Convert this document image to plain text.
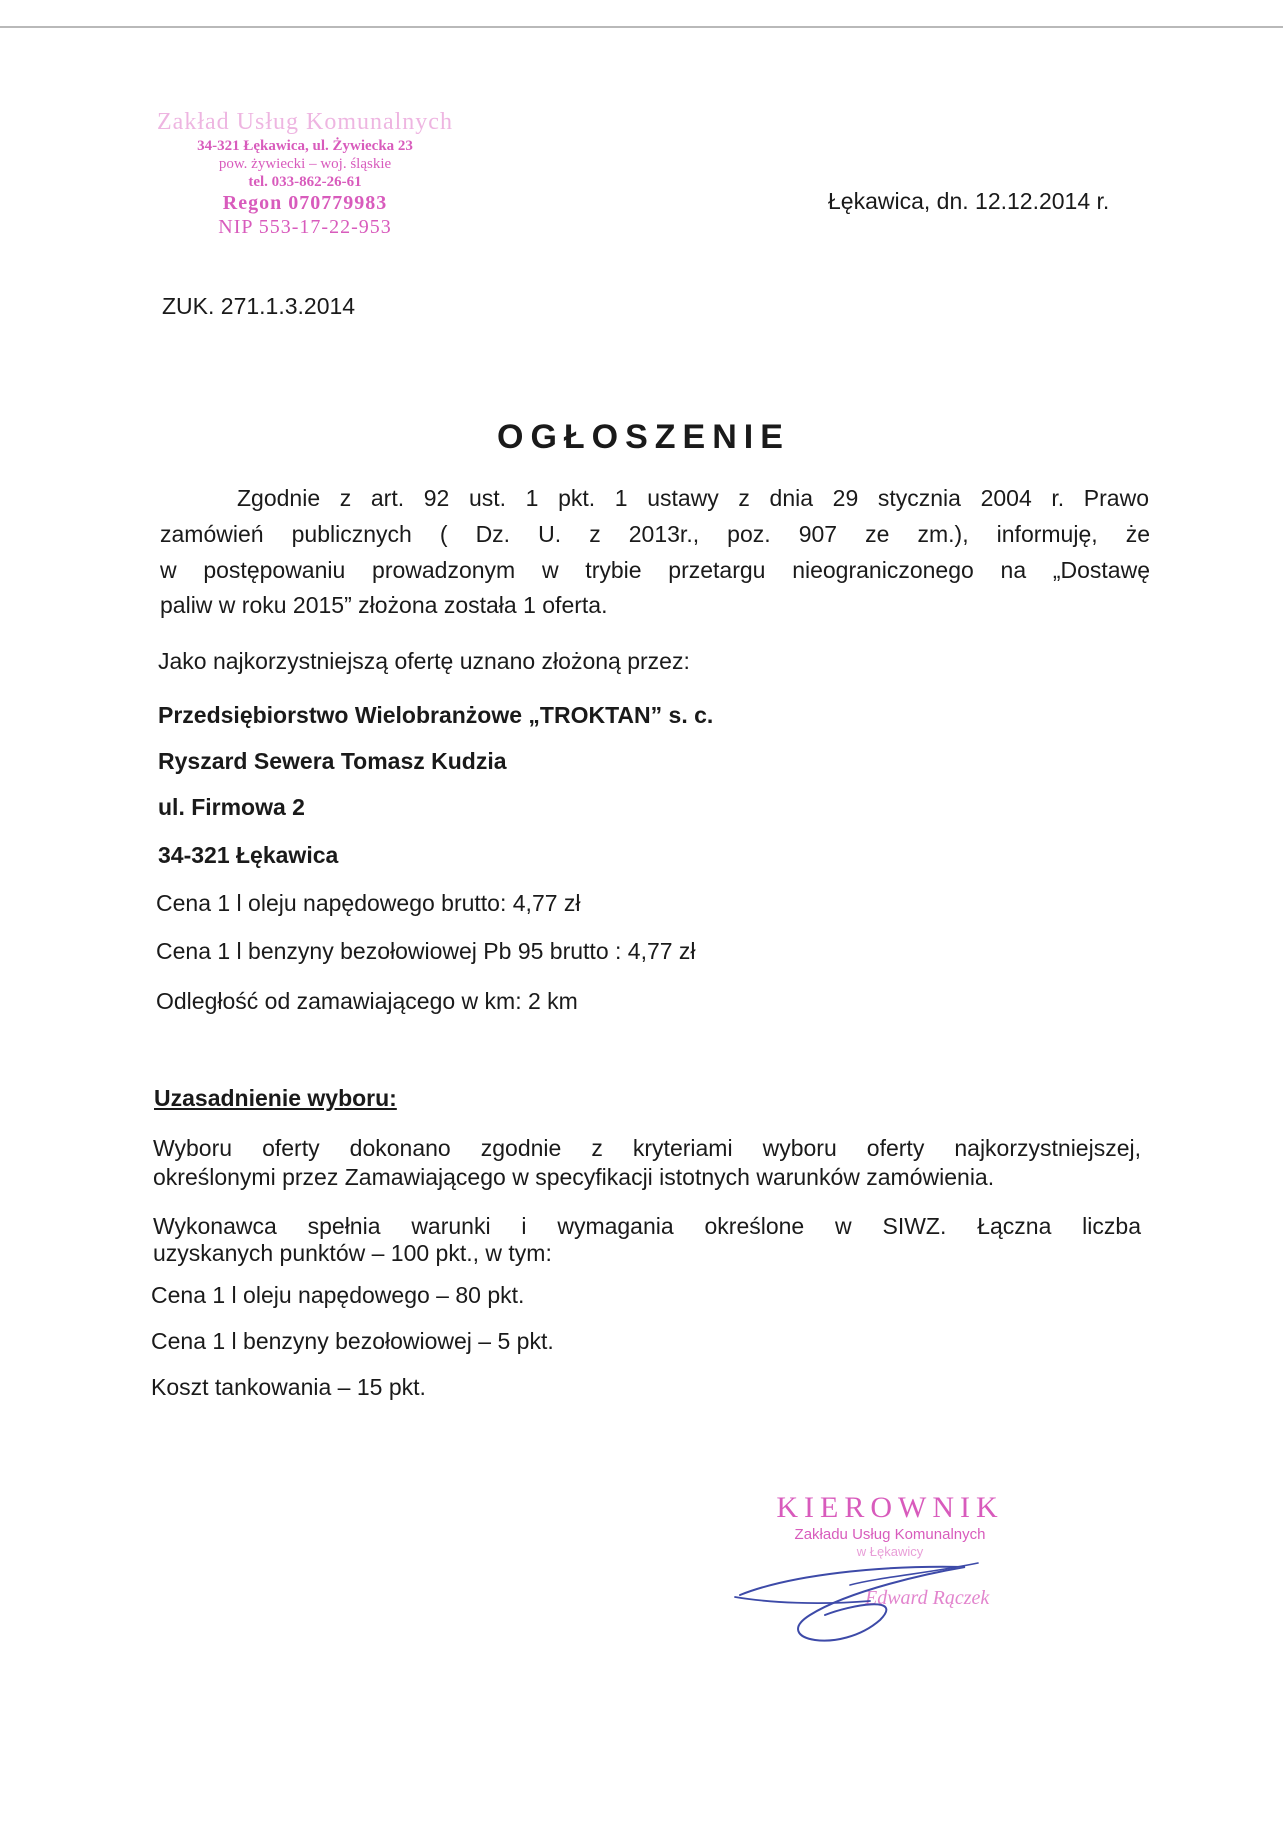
Zakład Usług Komunalnych
34-321 Łękawica, ul. Żywiecka 23
pow. żywiecki – woj. śląskie
tel. 033-862-26-61
Regon 070779983
NIP 553-17-22-953

Łękawica, dn. 12.12.2014 r.

ZUK. 271.1.3.2014

OGŁOSZENIE

Zgodnie z art. 92 ust. 1 pkt. 1 ustawy z dnia 29 stycznia 2004 r. Prawo

zamówień publicznych ( Dz. U. z 2013r., poz. 907 ze zm.), informuję, że

w postępowaniu prowadzonym w trybie przetargu nieograniczonego na „Dostawę

paliw w roku 2015” złożona została 1 oferta.

Jako najkorzystniejszą ofertę uznano złożoną przez:

Przedsiębiorstwo Wielobranżowe „TROKTAN” s. c.

Ryszard Sewera Tomasz Kudzia

ul. Firmowa 2

34-321 Łękawica

Cena 1 l oleju napędowego brutto: 4,77 zł

Cena 1 l benzyny bezołowiowej Pb 95 brutto : 4,77 zł

Odległość od zamawiającego w km: 2 km

Uzasadnienie wyboru:

Wyboru oferty dokonano zgodnie z kryteriami wyboru oferty najkorzystniejszej,

określonymi przez Zamawiającego w specyfikacji istotnych warunków zamówienia.

Wykonawca spełnia warunki i wymagania określone w SIWZ. Łączna liczba

uzyskanych punktów – 100 pkt., w tym:

Cena 1 l oleju napędowego – 80 pkt.

Cena 1 l benzyny bezołowiowej – 5 pkt.

Koszt tankowania – 15 pkt.

KIEROWNIK
Zakładu Usług Komunalnych
w Łękawicy
Edward Rączek
